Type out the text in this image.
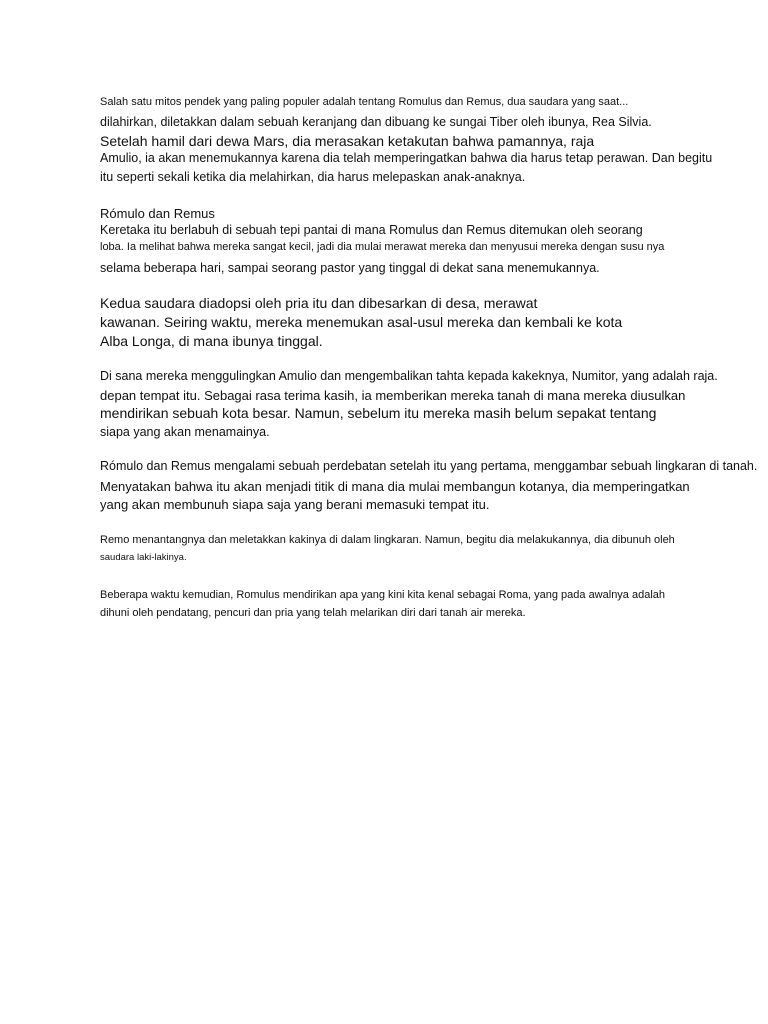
Salah satu mitos pendek yang paling populer adalah tentang Romulus dan Remus, dua saudara yang saat...
dilahirkan, diletakkan dalam sebuah keranjang dan dibuang ke sungai Tiber oleh ibunya, Rea Silvia.
Setelah hamil dari dewa Mars, dia merasakan ketakutan bahwa pamannya, raja
Amulio, ia akan menemukannya karena dia telah memperingatkan bahwa dia harus tetap perawan. Dan begitu
itu seperti sekali ketika dia melahirkan, dia harus melepaskan anak-anaknya.
Rómulo dan Remus
Keretaka itu berlabuh di sebuah tepi pantai di mana Romulus dan Remus ditemukan oleh seorang
loba. Ia melihat bahwa mereka sangat kecil, jadi dia mulai merawat mereka dan menyusui mereka dengan susu nya
selama beberapa hari, sampai seorang pastor yang tinggal di dekat sana menemukannya.
Kedua saudara diadopsi oleh pria itu dan dibesarkan di desa, merawat
kawanan. Seiring waktu, mereka menemukan asal-usul mereka dan kembali ke kota
Alba Longa, di mana ibunya tinggal.
Di sana mereka menggulingkan Amulio dan mengembalikan tahta kepada kakeknya, Numitor, yang adalah raja.
depan tempat itu. Sebagai rasa terima kasih, ia memberikan mereka tanah di mana mereka diusulkan
mendirikan sebuah kota besar. Namun, sebelum itu mereka masih belum sepakat tentang
siapa yang akan menamainya.
Rómulo dan Remus mengalami sebuah perdebatan setelah itu yang pertama, menggambar sebuah lingkaran di tanah.
Menyatakan bahwa itu akan menjadi titik di mana dia mulai membangun kotanya, dia memperingatkan
yang akan membunuh siapa saja yang berani memasuki tempat itu.
Remo menantangnya dan meletakkan kakinya di dalam lingkaran. Namun, begitu dia melakukannya, dia dibunuh oleh
saudara laki-lakinya.
Beberapa waktu kemudian, Romulus mendirikan apa yang kini kita kenal sebagai Roma, yang pada awalnya adalah
dihuni oleh pendatang, pencuri dan pria yang telah melarikan diri dari tanah air mereka.
